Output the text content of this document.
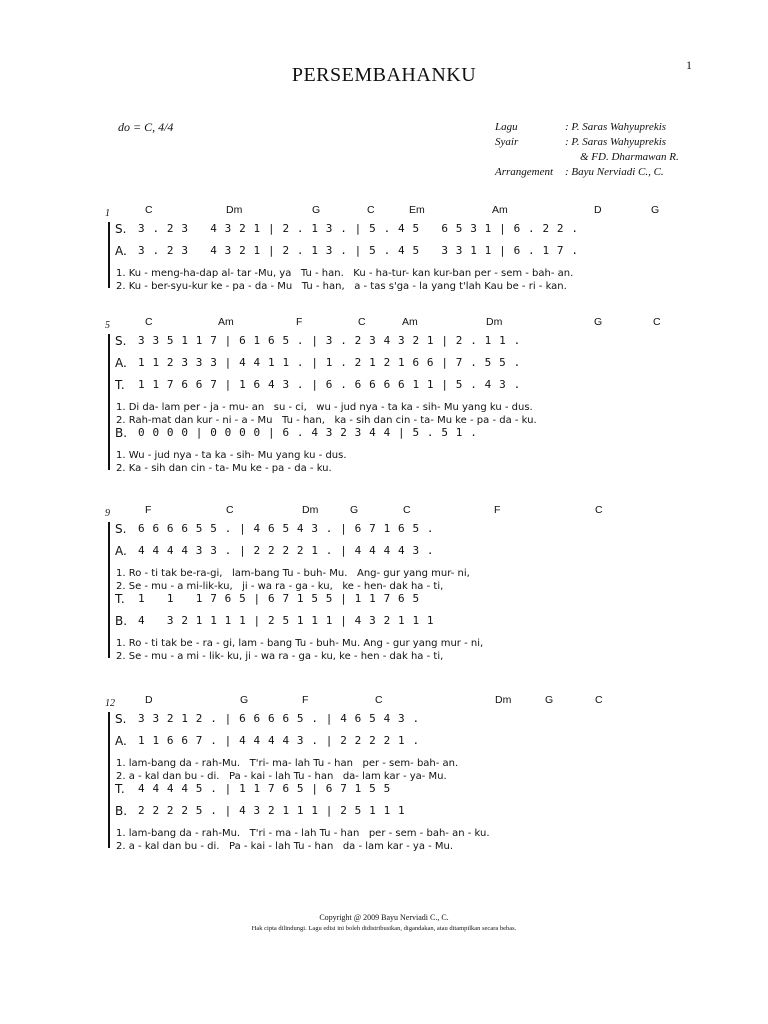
1
PERSEMBAHANKU
do = C, 4/4	Lagu	: P. Saras Wahyuprekis
Syair	: P. Saras Wahyuprekis
& FD. Dharmawan R.
Arrangement : Bayu Nerviadi C., C.
1	C	Dm	G	C	Em	Am	D	G
S. 3 . 2 3   4 3 2 1 | 2 . 1 3 . | 5 . 4 5   6 5 3 1 | 6 . 2 2 .
A. 3 . 2 3   4 3 2 1 | 2 . 1 3 . | 5 . 4 5   3 3 1 1 | 6 . 1 7 .
1. Ku - meng-ha-dap al- tar -Mu, ya   Tu - han.   Ku - ha-tur- kan kur-ban per - sem - bah- an.
2. Ku - ber-syu-kur ke - pa - da - Mu   Tu - han,   a - tas s'ga - la yang t'lah Kau be - ri - kan.
5	C	Am	F	C	Am	Dm	G	C
S. 3 3 5 1 1 7 | 6 1 6 5 . | 3 . 2 3 4 3 2 1 | 2 . 1 1 .
A. 1 1 2 3 3 3 | 4 4 1 1 . | 1 . 2 1 2 1 6 6 | 7 . 5 5 .
T. 1 1 7 6 6 7 | 1 6 4 3 . | 6 . 6 6 6 6 1 1 | 5 . 4 3 .
1. Di da- lam per - ja - mu- an   su - ci,   wu - jud nya - ta ka - sih- Mu yang ku - dus.
2. Rah-mat dan kur - ni - a - Mu   Tu - han,   ka - sih dan cin - ta- Mu ke - pa - da - ku.
B. 0 0 0 0 | 0 0 0 0 | 6 . 4 3 2 3 4 4 | 5 . 5 1 .
1. Wu - jud nya - ta ka - sih- Mu yang ku - dus.
2. Ka - sih dan cin - ta- Mu ke - pa - da - ku.
9	F	C	Dm	G	C	F	C
S. 6 6 6 6 5 5 . | 4 6 5 4 3 . | 6 7 1 6 5 .
A. 4 4 4 4 3 3 . | 2 2 2 2 1 . | 4 4 4 4 3 .
1. Ro - ti tak be-ra-gi,   lam-bang Tu - buh- Mu.   Ang- gur yang mur- ni,
2. Se - mu - a mi-lik-ku,   ji - wa ra - ga - ku,   ke - hen- dak ha - ti,
T. 1   1   1 7 6 5 | 6 7 1 5 5 | 1 1 7 6 5
B. 4   3 2 1 1 1 1 | 2 5 1 1 1 | 4 3 2 1 1 1
1. Ro - ti tak be - ra - gi, lam - bang Tu - buh- Mu. Ang - gur yang mur - ni,
2. Se - mu - a mi - lik- ku, ji - wa ra - ga - ku, ke - hen - dak ha - ti,
12	D	G	F	C	Dm	G	C
S. 3 3 2 1 2 . | 6 6 6 6 5 . | 4 6 5 4 3 .
A. 1 1 6 6 7 . | 4 4 4 4 3 . | 2 2 2 2 1 .
1. lam-bang da - rah-Mu.   T'ri- ma- lah Tu - han   per - sem- bah- an.
2. a - kal dan bu - di.   Pa - kai - lah Tu - han   da- lam kar - ya- Mu.
T. 4 4 4 4 5 . | 1 1 7 6 5 | 6 7 1 5 5
B. 2 2 2 2 5 . | 4 3 2 1 1 1 | 2 5 1 1 1
1. lam-bang da - rah-Mu.   T'ri - ma - lah Tu - han   per - sem - bah- an - ku.
2. a - kal dan bu - di.   Pa - kai - lah Tu - han   da - lam kar - ya - Mu.
Copyright @ 2009 Bayu Nerviadi C., C.
Hak cipta dilindungi. Lagu edisi ini boleh didistribusikan, digandakan, atau ditampilkan secara bebas.
